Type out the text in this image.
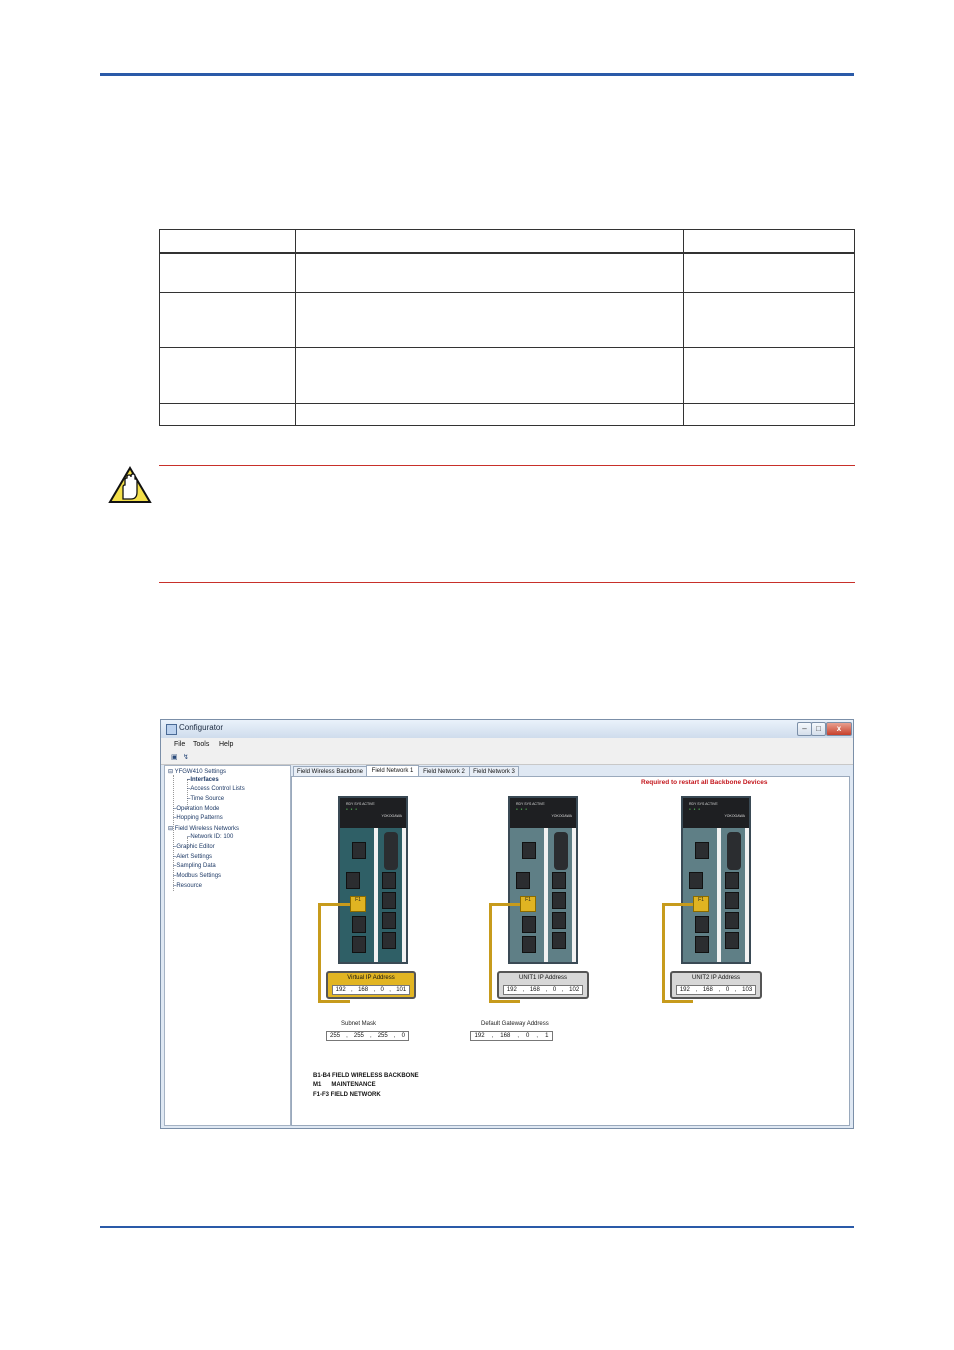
Configurator	–	□	x
File Tools Help
▣ ↯
⊟ YFGW410 Settings
–Interfaces
–Access Control Lists
–Time Source
–Operation Mode
–Hopping Patterns
⊟ Field Wireless Networks
–Network ID: 100
–Graphic Editor
–Alert Settings
–Sampling Data
–Modbus Settings
–Resource
Field Wireless Backbone	Field Network 1	Field Network 2	Field Network 3
Required to restart all Backbone Devices
RDY SYS ACTIVE
● ● ●
YOKOGAWA
F1
RDY SYS ACTIVE
● ● ●
YOKOGAWA
F1
RDY SYS ACTIVE
● ● ●
YOKOGAWA
F1
Virtual IP Address
192 , 168 , 0 , 101
UNIT1 IP Address
192 , 168 , 0 , 102
UNIT2 IP Address
192 , 168 , 0 , 103
Subnet Mask
255 , 255 , 255 , 0
Default Gateway Address
192 , 168 , 0 , 1
B1-B4 FIELD WIRELESS BACKBONE
M1      MAINTENANCE
F1-F3 FIELD NETWORK
